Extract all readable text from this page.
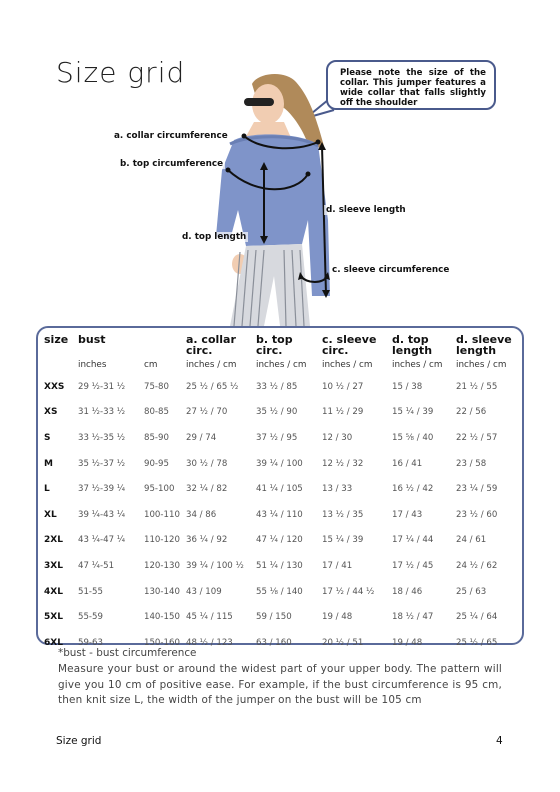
Size grid	Please note the size of the collar. This jumper features a wide collar that falls slightly off the shoulder
a. collar circumference
b. top circumference
d. sleeve length
d. top length
c. sleeve circumference
size	bust		a. collar circ.	b. top circ.	c. sleeve circ.	d. top length	d. sleeve length
	inches	cm	inches / cm	inches / cm	inches / cm	inches / cm	inches / cm
XXS	29 ½-31 ½	75-80	25 ½ / 65 ½	33 ½ / 85	10 ½ / 27	15 / 38	21 ½ / 55
XS	31 ½-33 ½	80-85	27 ½ / 70	35 ½ / 90	11 ½ / 29	15 ¼ / 39	22 / 56
S	33 ½-35 ½	85-90	29 / 74	37 ½ / 95	12 / 30	15 ⁵⁄₈ / 40	22 ½ / 57
M	35 ½-37 ½	90-95	30 ½ / 78	39 ¼ / 100	12 ½ / 32	16 / 41	23 / 58
L	37 ½-39 ¼	95-100	32 ¼ / 82	41 ¼ / 105	13 / 33	16 ½ / 42	23 ¼ / 59
XL	39 ¼-43 ¼	100-110	34 / 86	43 ¼ / 110	13 ½ / 35	17 / 43	23 ½ / 60
2XL	43 ¼-47 ¼	110-120	36 ¼ / 92	47 ¼ / 120	15 ¼ / 39	17 ¼ / 44	24 / 61
3XL	47 ¼-51	120-130	39 ¼ / 100 ½	51 ¼ / 130	17 / 41	17 ½ / 45	24 ½ / 62
4XL	51-55	130-140	43 / 109	55 ⅛ / 140	17 ½ / 44 ½	18 / 46	25 / 63
5XL	55-59	140-150	45 ¼ / 115	59 / 150	19 / 48	18 ½ / 47	25 ¼ / 64
6XL	59-63	150-160	48 ½ / 123	63 / 160	20 ½ / 51	19 / 48	25 ½ / 65
*bust - bust circumference
Measure your bust or around the widest part of your upper body. The pattern will give you 10 cm of positive ease. For example, if the bust circumference is 95 cm, then knit size L, the width of the jumper on the bust will be 105 cm
Size grid	4
